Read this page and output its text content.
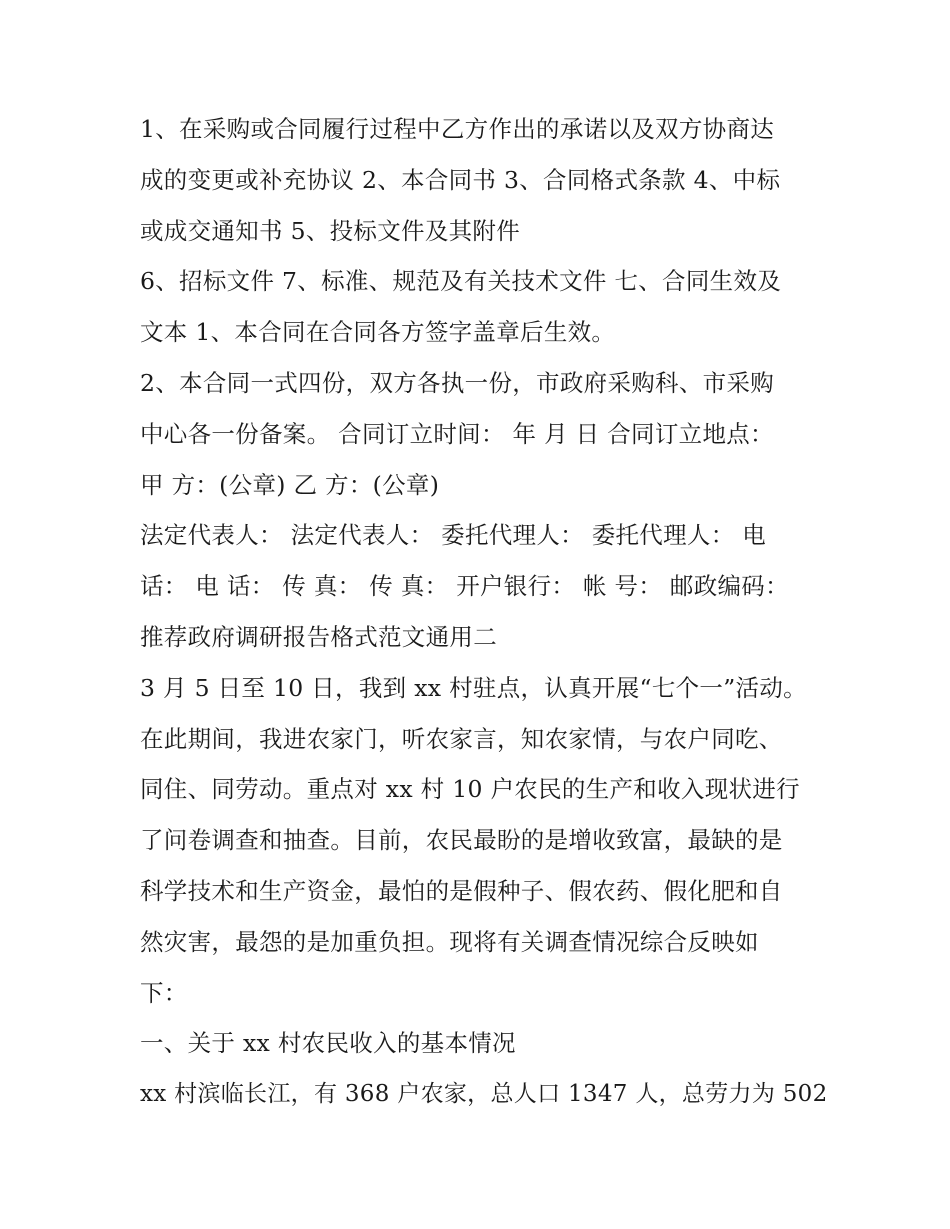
1、在采购或合同履行过程中乙方作出的承诺以及双方协商达
成的变更或补充协议 2、本合同书 3、合同格式条款 4、中标
或成交通知书 5、投标文件及其附件
6、招标文件 7、标准、规范及有关技术文件 七、合同生效及
文本 1、本合同在合同各方签字盖章后生效。
2、本合同一式四份，双方各执一份，市政府采购科、市采购
中心各一份备案。 合同订立时间： 年 月 日 合同订立地点：
甲 方：(公章) 乙 方：(公章)
法定代表人： 法定代表人： 委托代理人： 委托代理人： 电
话： 电 话： 传 真： 传 真： 开户银行： 帐 号： 邮政编码：
推荐政府调研报告格式范文通用二
3 月 5 日至 10 日，我到 xx 村驻点，认真开展“七个一”活动。
在此期间，我进农家门，听农家言，知农家情，与农户同吃、
同住、同劳动。重点对 xx 村 10 户农民的生产和收入现状进行
了问卷调查和抽查。目前，农民最盼的是增收致富，最缺的是
科学技术和生产资金，最怕的是假种子、假农药、假化肥和自
然灾害，最怨的是加重负担。现将有关调查情况综合反映如
下：
一、关于 xx 村农民收入的基本情况
xx 村滨临长江，有 368 户农家，总人口 1347 人，总劳力为 502
